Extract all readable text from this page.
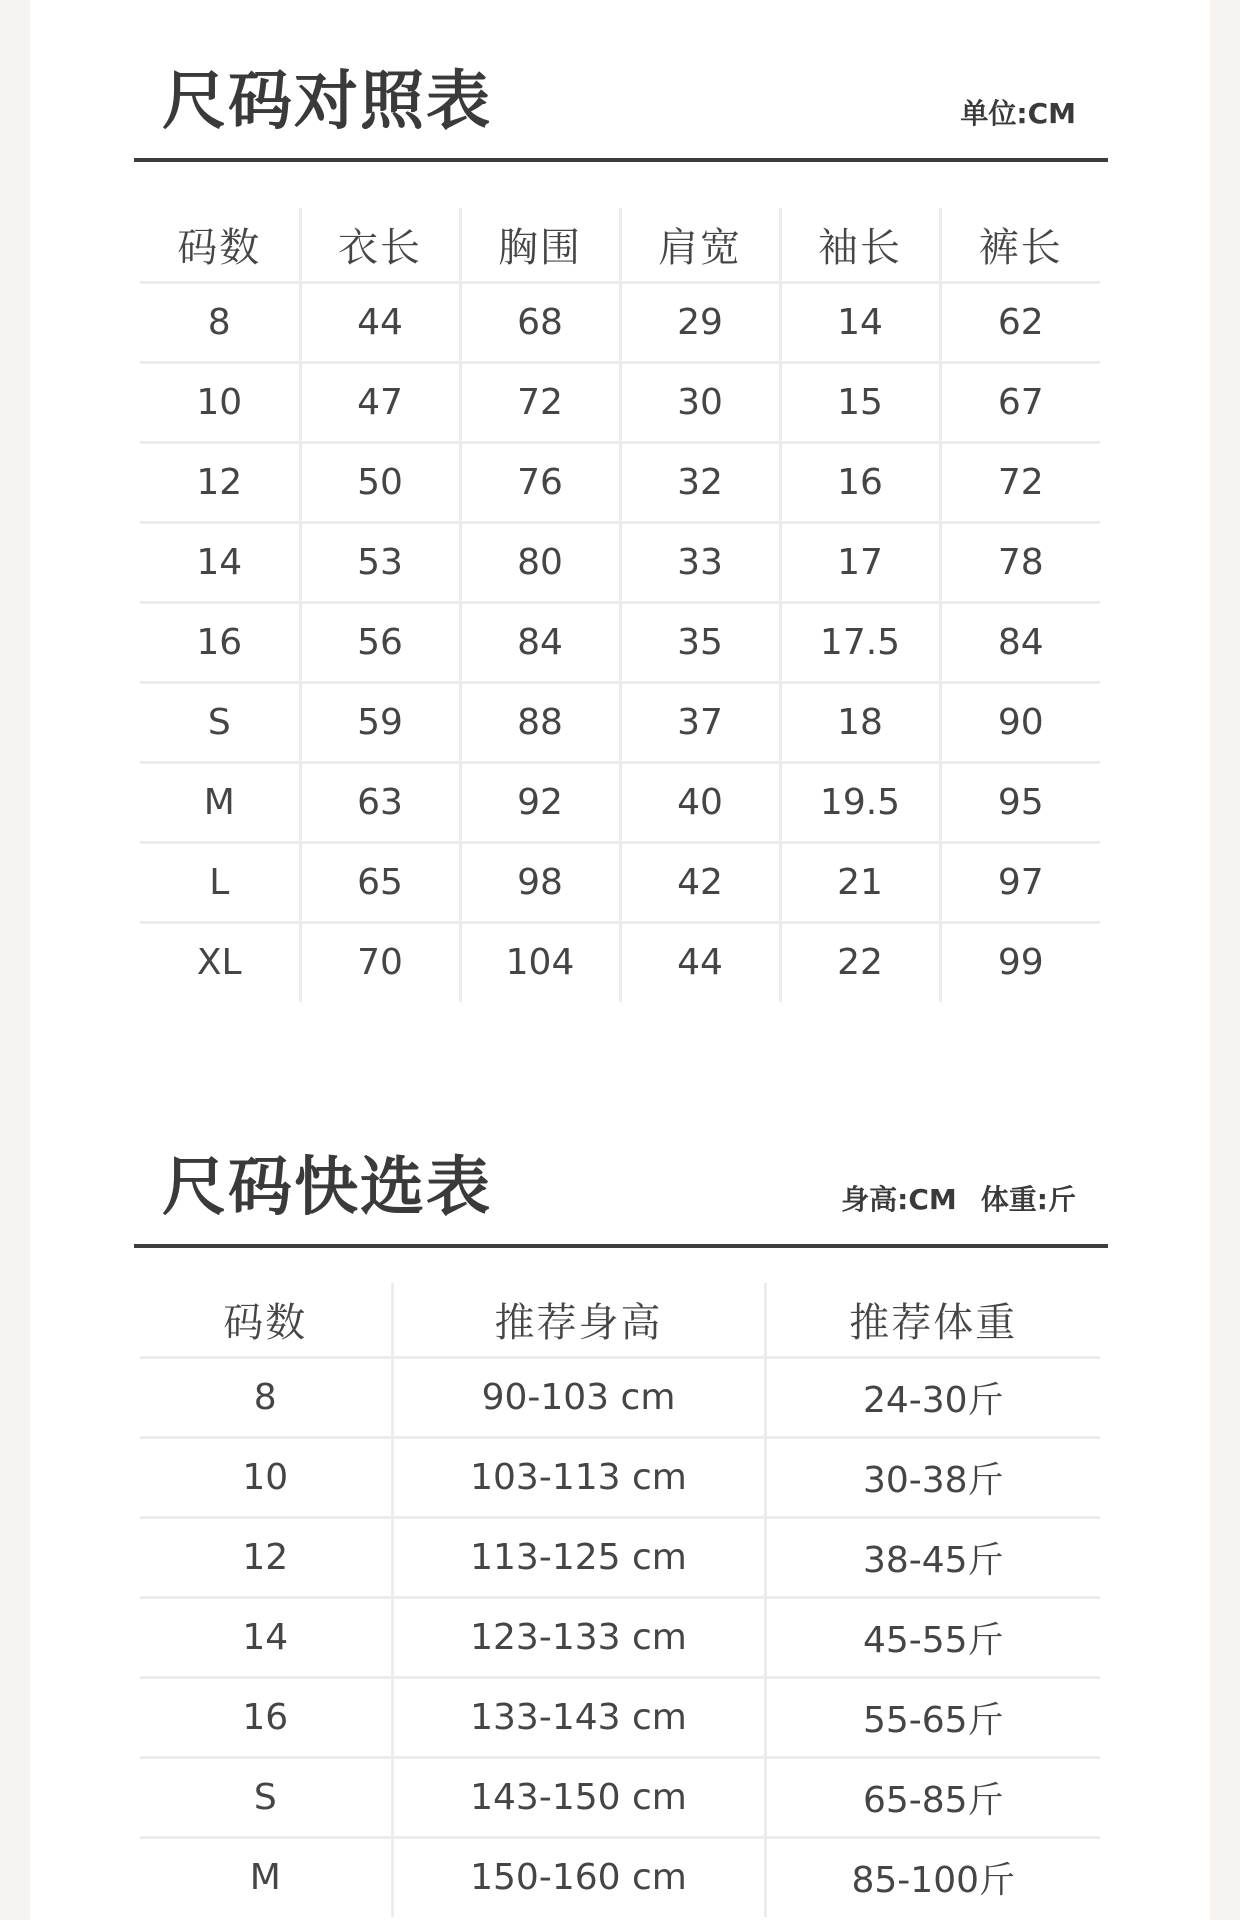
尺码对照表	单位:CM
码数	衣长	胸围	肩宽	袖长	裤长
8	44	68	29	14	62
10	47	72	30	15	67
12	50	76	32	16	72
14	53	80	33	17	78
16	56	84	35	17.5	84
S	59	88	37	18	90
M	63	92	40	19.5	95
L	65	98	42	21	97
XL	70	104	44	22	99
尺码快选表	身高:CM 体重:斤
码数	推荐身高	推荐体重
8	90-103 cm	24-30斤
10	103-113 cm	30-38斤
12	113-125 cm	38-45斤
14	123-133 cm	45-55斤
16	133-143 cm	55-65斤
S	143-150 cm	65-85斤
M	150-160 cm	85-100斤
